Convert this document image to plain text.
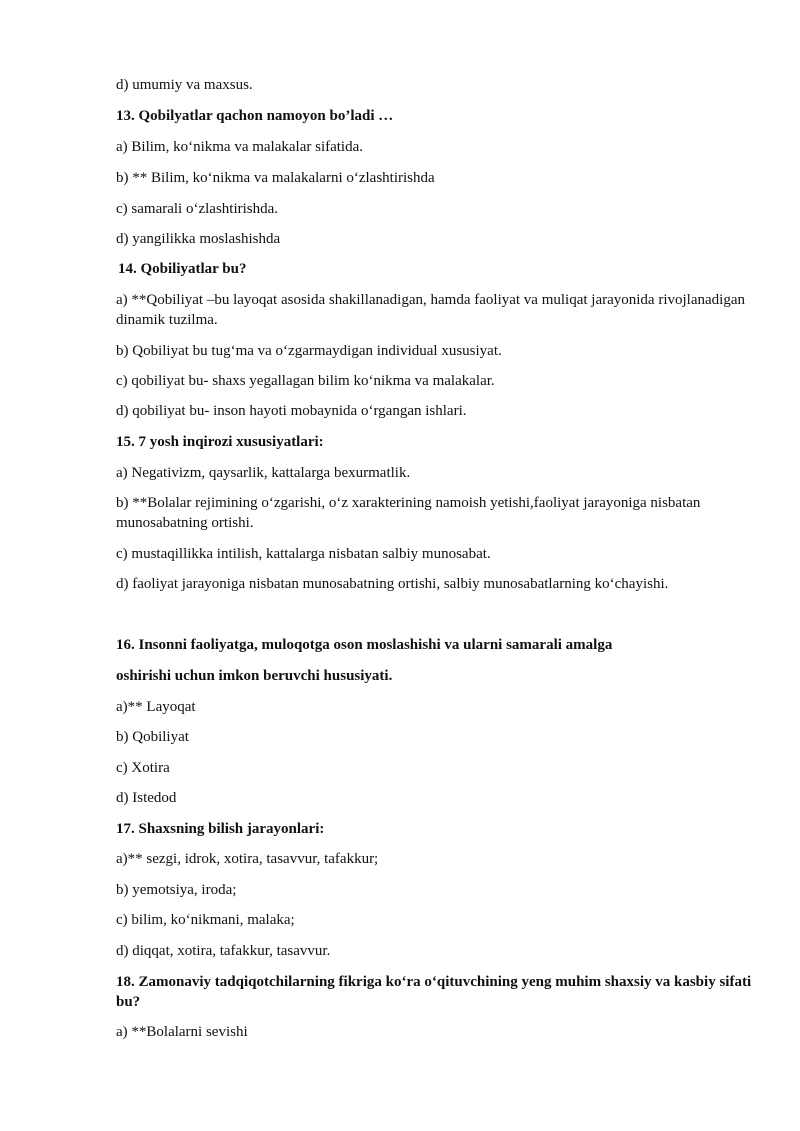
d) umumiy va maxsus.
13. Qobilyatlar qachon namoyon bo’ladi …
a) Bilim, ko‘nikma va malakalar sifatida.
b) ** Bilim, ko‘nikma va malakalarni o‘zlashtirishda
c) samarali o‘zlashtirishda.
d) yangilikka moslashishda
14. Qobiliyatlar bu?
a) **Qobiliyat –bu layoqat asosida shakillanadigan, hamda faoliyat va muliqat jarayonida rivojlanadigan dinamik tuzilma.
b) Qobiliyat bu tug‘ma va o‘zgarmaydigan individual xususiyat.
c) qobiliyat bu- shaxs yegallagan bilim ko‘nikma va malakalar.
d) qobiliyat bu- inson hayoti mobaynida o‘rgangan ishlari.
15. 7 yosh inqirozi xususiyatlari:
a) Negativizm, qaysarlik, kattalarga bexurmatlik.
b) **Bolalar rejimining o‘zgarishi, o‘z xarakterining namoish yetishi,faoliyat jarayoniga nisbatan munosabatning ortishi.
c) mustaqillikka intilish, kattalarga nisbatan salbiy munosabat.
d) faoliyat jarayoniga nisbatan munosabatning ortishi, salbiy munosabatlarning ko‘chayishi.
16. Insonni faoliyatga, muloqotga oson moslashishi va ularni samarali amalga
oshirishi uchun imkon beruvchi hususiyati.
a)** Layoqat
b) Qobiliyat
c) Xotira
d) Istedod
17. Shaxsning bilish jarayonlari:
a)** sezgi, idrok, xotira, tasavvur, tafakkur;
b) yemotsiya, iroda;
c) bilim, ko‘nikmani, malaka;
d) diqqat, xotira, tafakkur, tasavvur.
18. Zamonaviy tadqiqotchilarning fikriga ko‘ra o‘qituvchining yeng muhim shaxsiy va kasbiy sifati bu?
a) **Bolalarni sevishi
